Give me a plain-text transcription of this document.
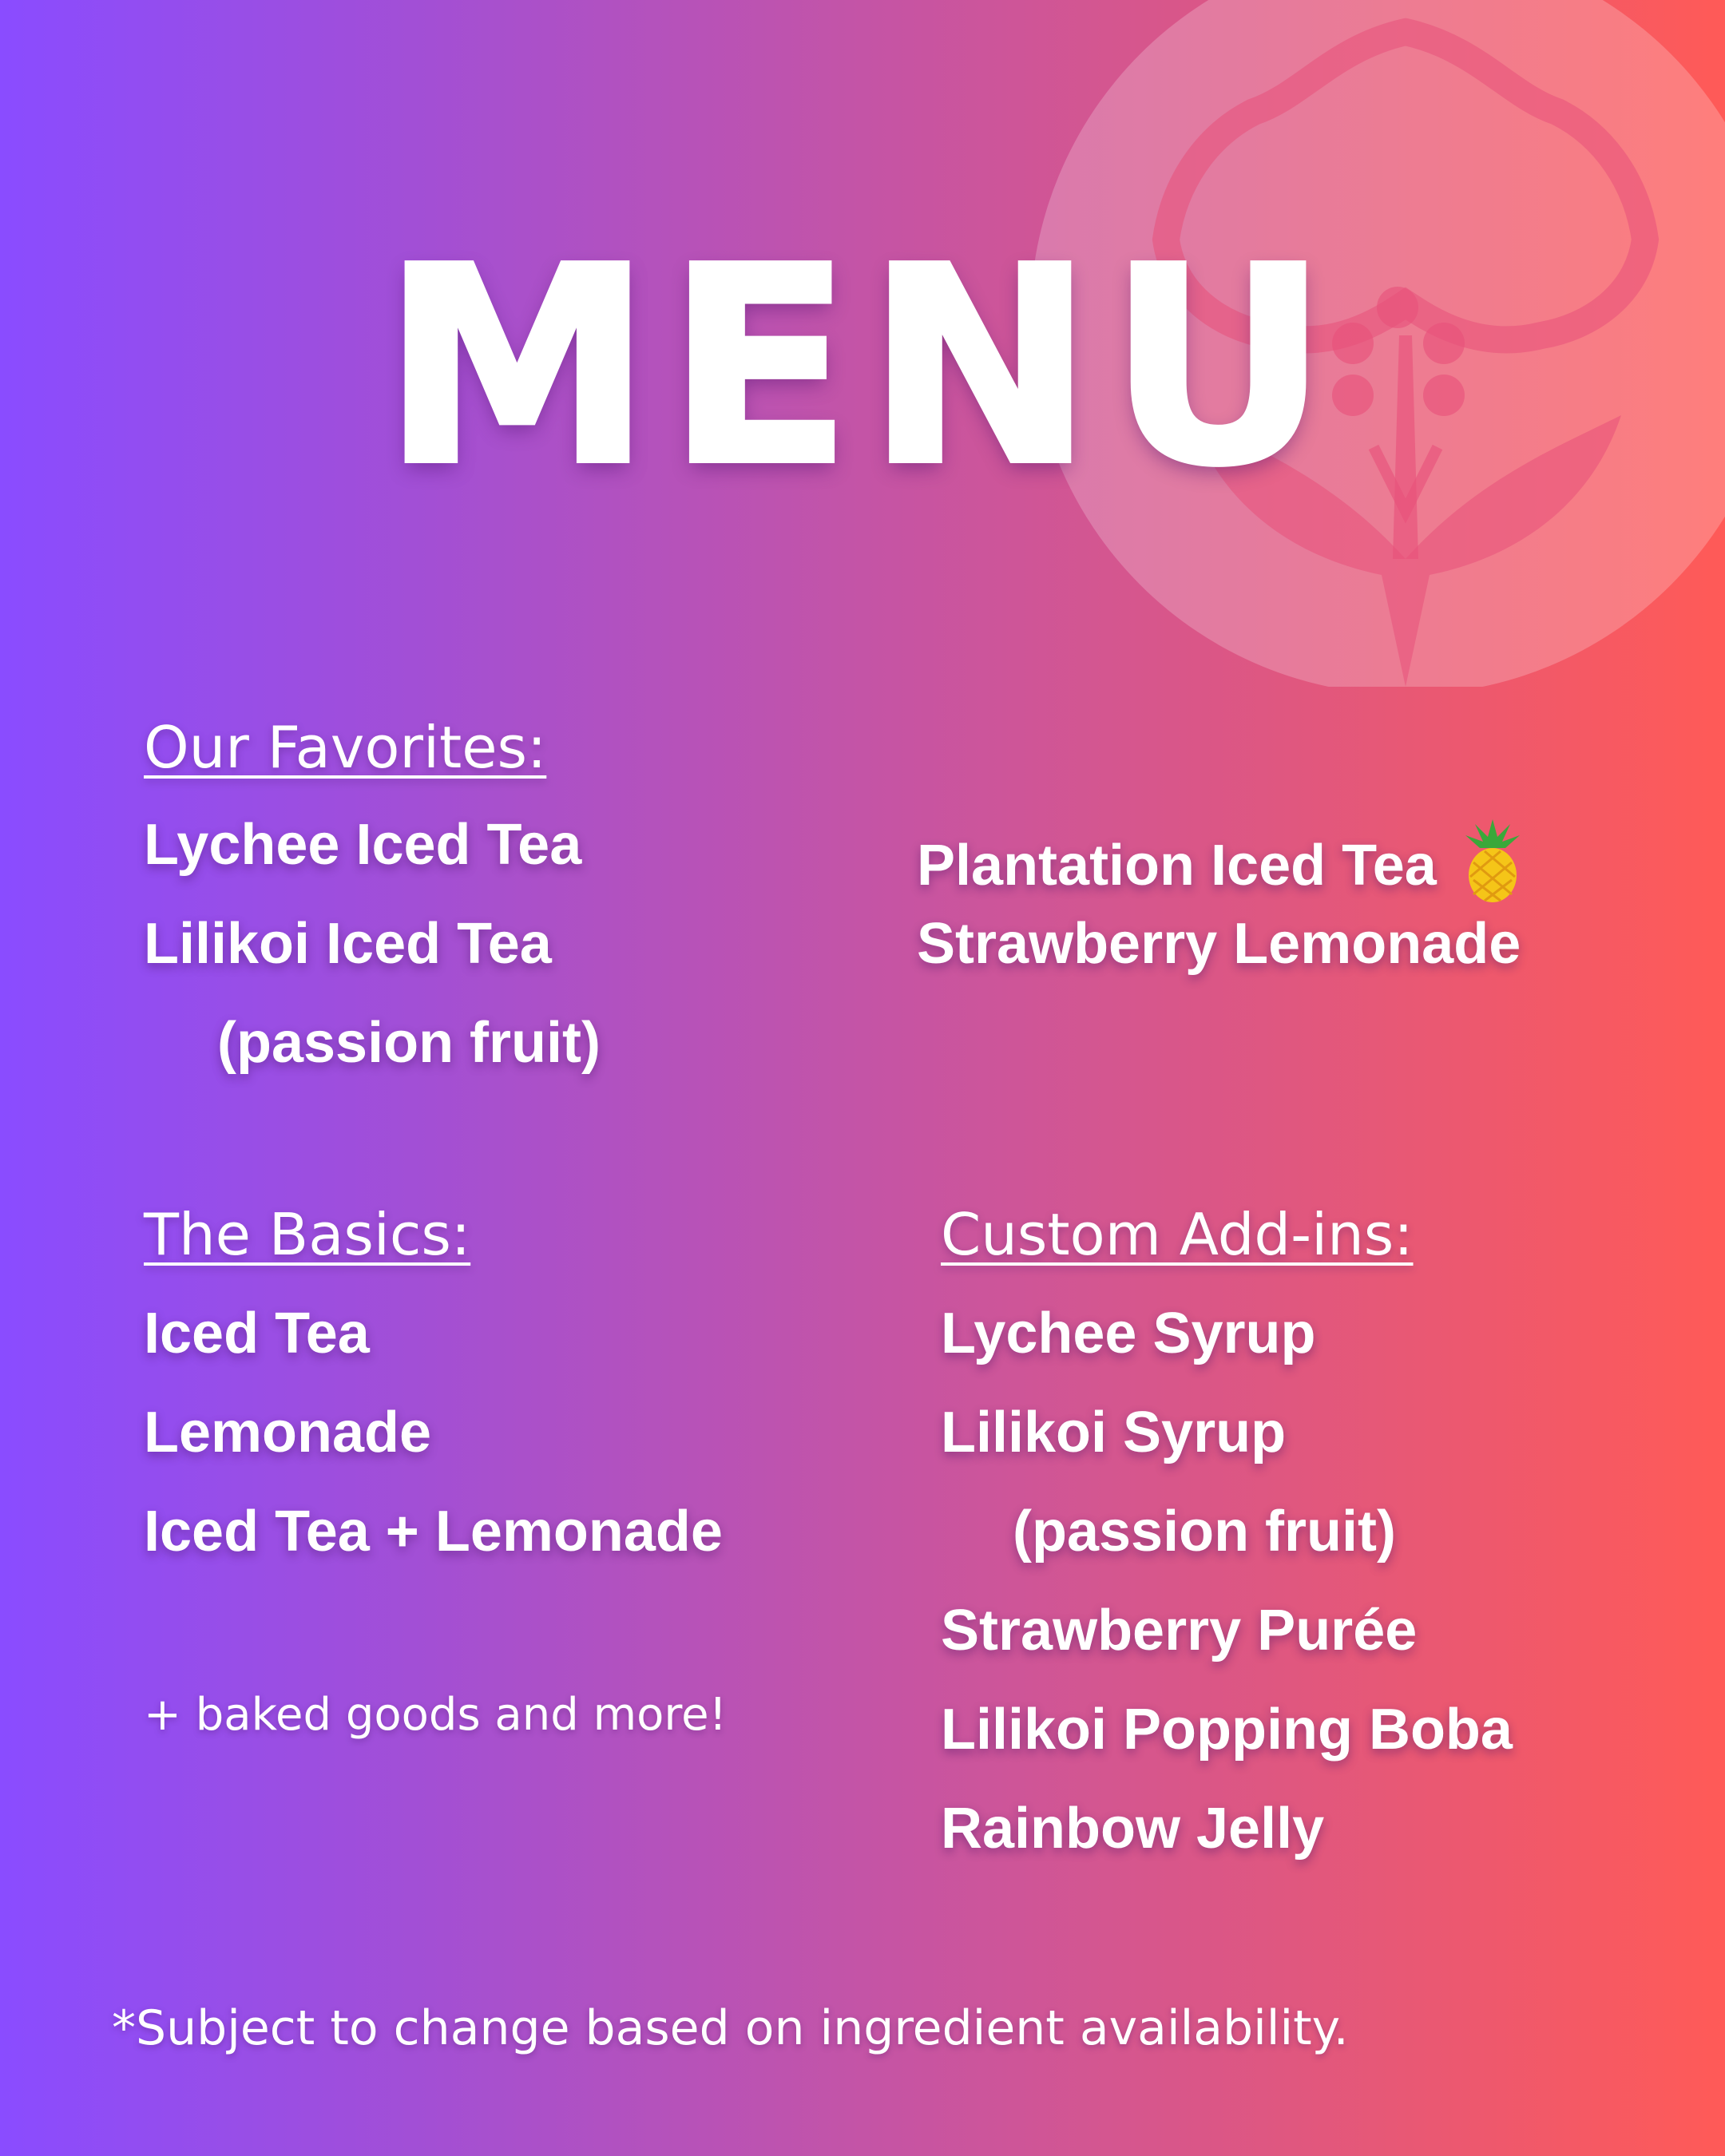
MENU
Our Favorites:
Lychee Iced Tea
Lilikoi Iced Tea
(passion fruit)
Plantation Iced Tea
Strawberry Lemonade
The Basics:
Iced Tea
Lemonade
Iced Tea + Lemonade
+ baked goods and more!
Custom Add-ins:
Lychee Syrup
Lilikoi Syrup
(passion fruit)
Strawberry Purée
Lilikoi Popping Boba
Rainbow Jelly
*Subject to change based on ingredient availability.
